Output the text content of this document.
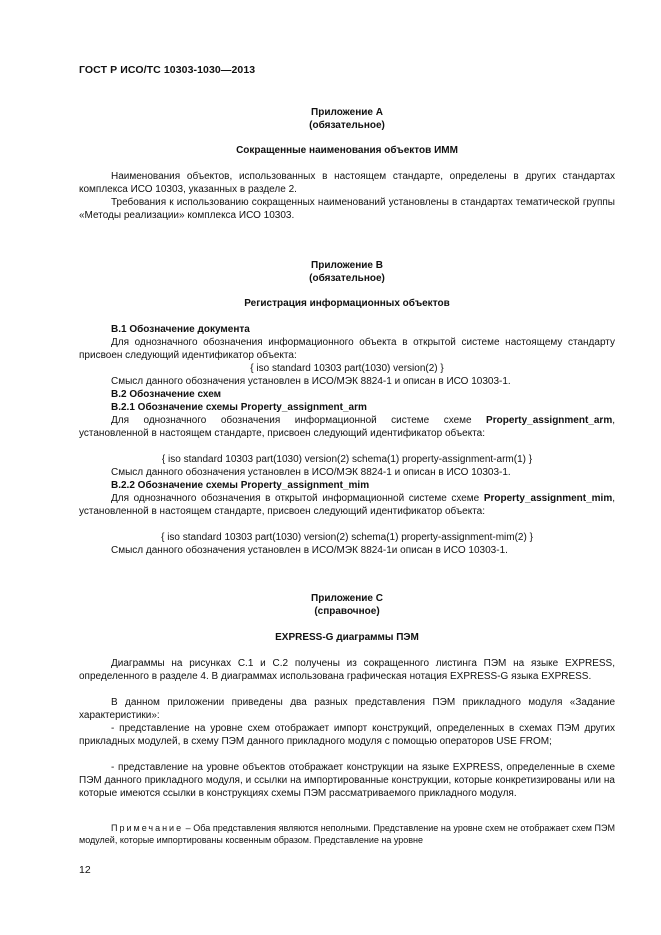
ГОСТ Р ИСО/ТС 10303-1030—2013
Приложение А
(обязательное)
Сокращенные наименования объектов ИММ
Наименования объектов, использованных в настоящем стандарте, определены в других стандартах комплекса ИСО 10303, указанных в разделе 2.
Требования к использованию сокращенных наименований установлены в стандартах тематической группы «Методы реализации» комплекса ИСО 10303.
Приложение В
(обязательное)
Регистрация информационных объектов
В.1 Обозначение документа
Для однозначного обозначения информационного объекта в открытой системе настоящему стандарту присвоен следующий идентификатор объекта:
{ iso standard 10303 part(1030) version(2) }
Смысл данного обозначения установлен в ИСО/МЭК 8824-1 и описан в ИСО 10303-1.
В.2 Обозначение схем
В.2.1 Обозначение схемы Property_assignment_arm
Для однозначного обозначения информационной системе схеме Property_assignment_arm, установленной в настоящем стандарте, присвоен следующий идентификатор объекта:
{ iso standard 10303 part(1030) version(2) schema(1) property-assignment-arm(1) }
Смысл данного обозначения установлен в ИСО/МЭК 8824-1 и описан в ИСО 10303-1.
В.2.2 Обозначение схемы Property_assignment_mim
Для однозначного обозначения в открытой информационной системе схеме Property_assignment_mim, установленной в настоящем стандарте, присвоен следующий идентификатор объекта:
{ iso standard 10303 part(1030) version(2) schema(1) property-assignment-mim(2) }
Смысл данного обозначения установлен в ИСО/МЭК 8824-1и описан в ИСО 10303-1.
Приложение С
(справочное)
EXPRESS-G диаграммы ПЭМ
Диаграммы на рисунках С.1 и С.2 получены из сокращенного листинга ПЭМ на языке EXPRESS, определенного в разделе 4. В диаграммах использована графическая нотация EXPRESS-G языка EXPRESS.
В данном приложении приведены два разных представления ПЭМ прикладного модуля «Задание характеристики»:
- представление на уровне схем отображает импорт конструкций, определенных в схемах ПЭМ других прикладных модулей, в схему ПЭМ данного прикладного модуля с помощью операторов USE FROM;
- представление на уровне объектов отображает конструкции на языке EXPRESS, определенные в схеме ПЭМ данного прикладного модуля, и ссылки на импортированные конструкции, которые конкретизированы или на которые имеются ссылки в конструкциях схемы ПЭМ рассматриваемого прикладного модуля.
Примечание – Оба представления являются неполными. Представление на уровне схем не отображает схем ПЭМ модулей, которые импортированы косвенным образом. Представление на уровне
12
